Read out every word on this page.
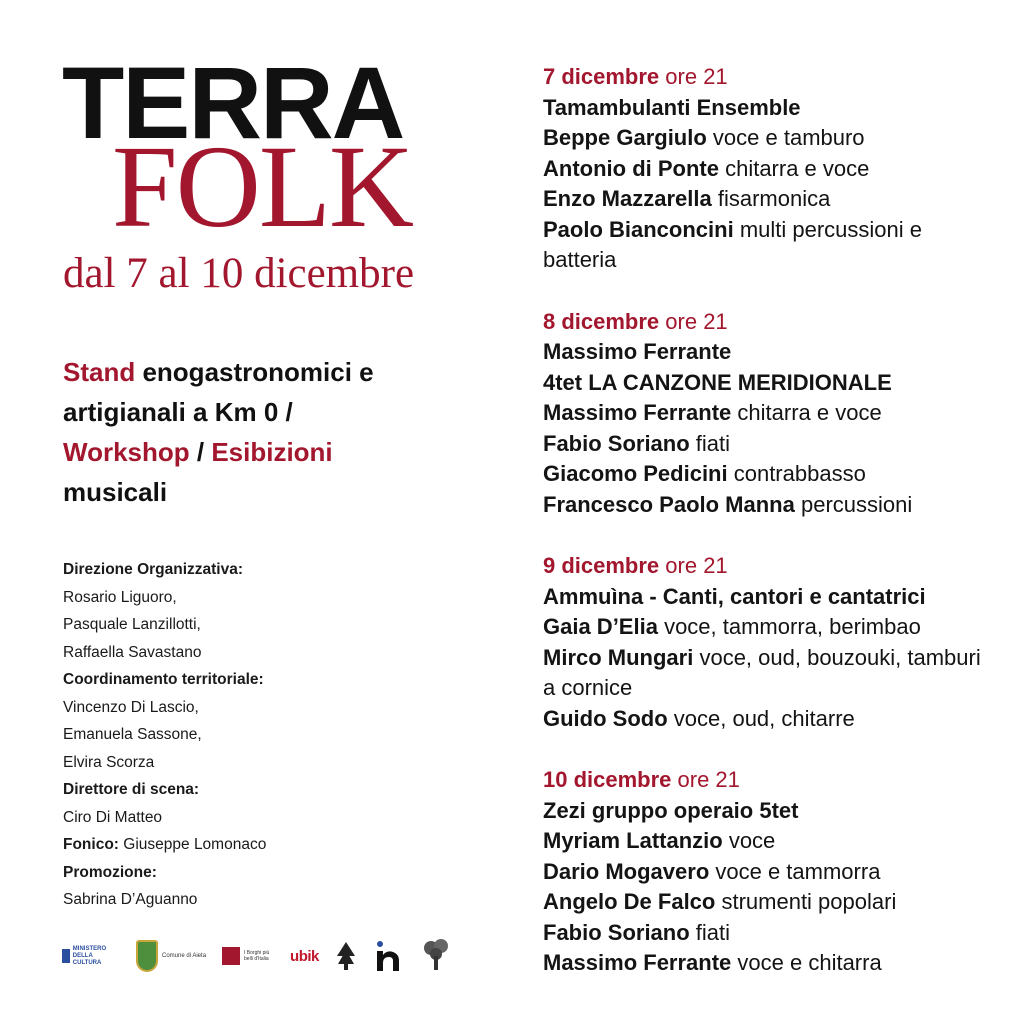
TERRA
FOLK
dal 7 al 10 dicembre
Stand enogastronomici e artigianali a Km 0 / Workshop / Esibizioni musicali
Direzione Organizzativa:
Rosario Liguoro,
Pasquale Lanzillotti,
Raffaella Savastano
Coordinamento territoriale:
Vincenzo Di Lascio,
Emanuela Sassone,
Elvira Scorza
Direttore di scena:
Ciro Di Matteo
Fonico: Giuseppe Lomonaco
Promozione:
Sabrina D’Aguanno
MINISTERO DELLA CULTURA
Comune di Aieta	I Borghi più belli d'Italia	ubik
7 dicembre ore 21
Tamambulanti Ensemble
Beppe Gargiulo voce e tamburo
Antonio di Ponte chitarra e voce
Enzo Mazzarella fisarmonica
Paolo Bianconcini multi percussioni e batteria
8 dicembre ore 21
Massimo Ferrante
4tet LA CANZONE MERIDIONALE
Massimo Ferrante chitarra e voce
Fabio Soriano fiati
Giacomo Pedicini contrabbasso
Francesco Paolo Manna percussioni
9 dicembre ore 21
Ammuìna - Canti, cantori e cantatrici
Gaia D’Elia voce, tammorra, berimbao
Mirco Mungari voce, oud, bouzouki, tamburi a cornice
Guido Sodo voce, oud, chitarre
10 dicembre ore 21
Zezi gruppo operaio 5tet
Myriam Lattanzio voce
Dario Mogavero voce e tammorra
Angelo De Falco strumenti popolari
Fabio Soriano fiati
Massimo Ferrante voce e chitarra
